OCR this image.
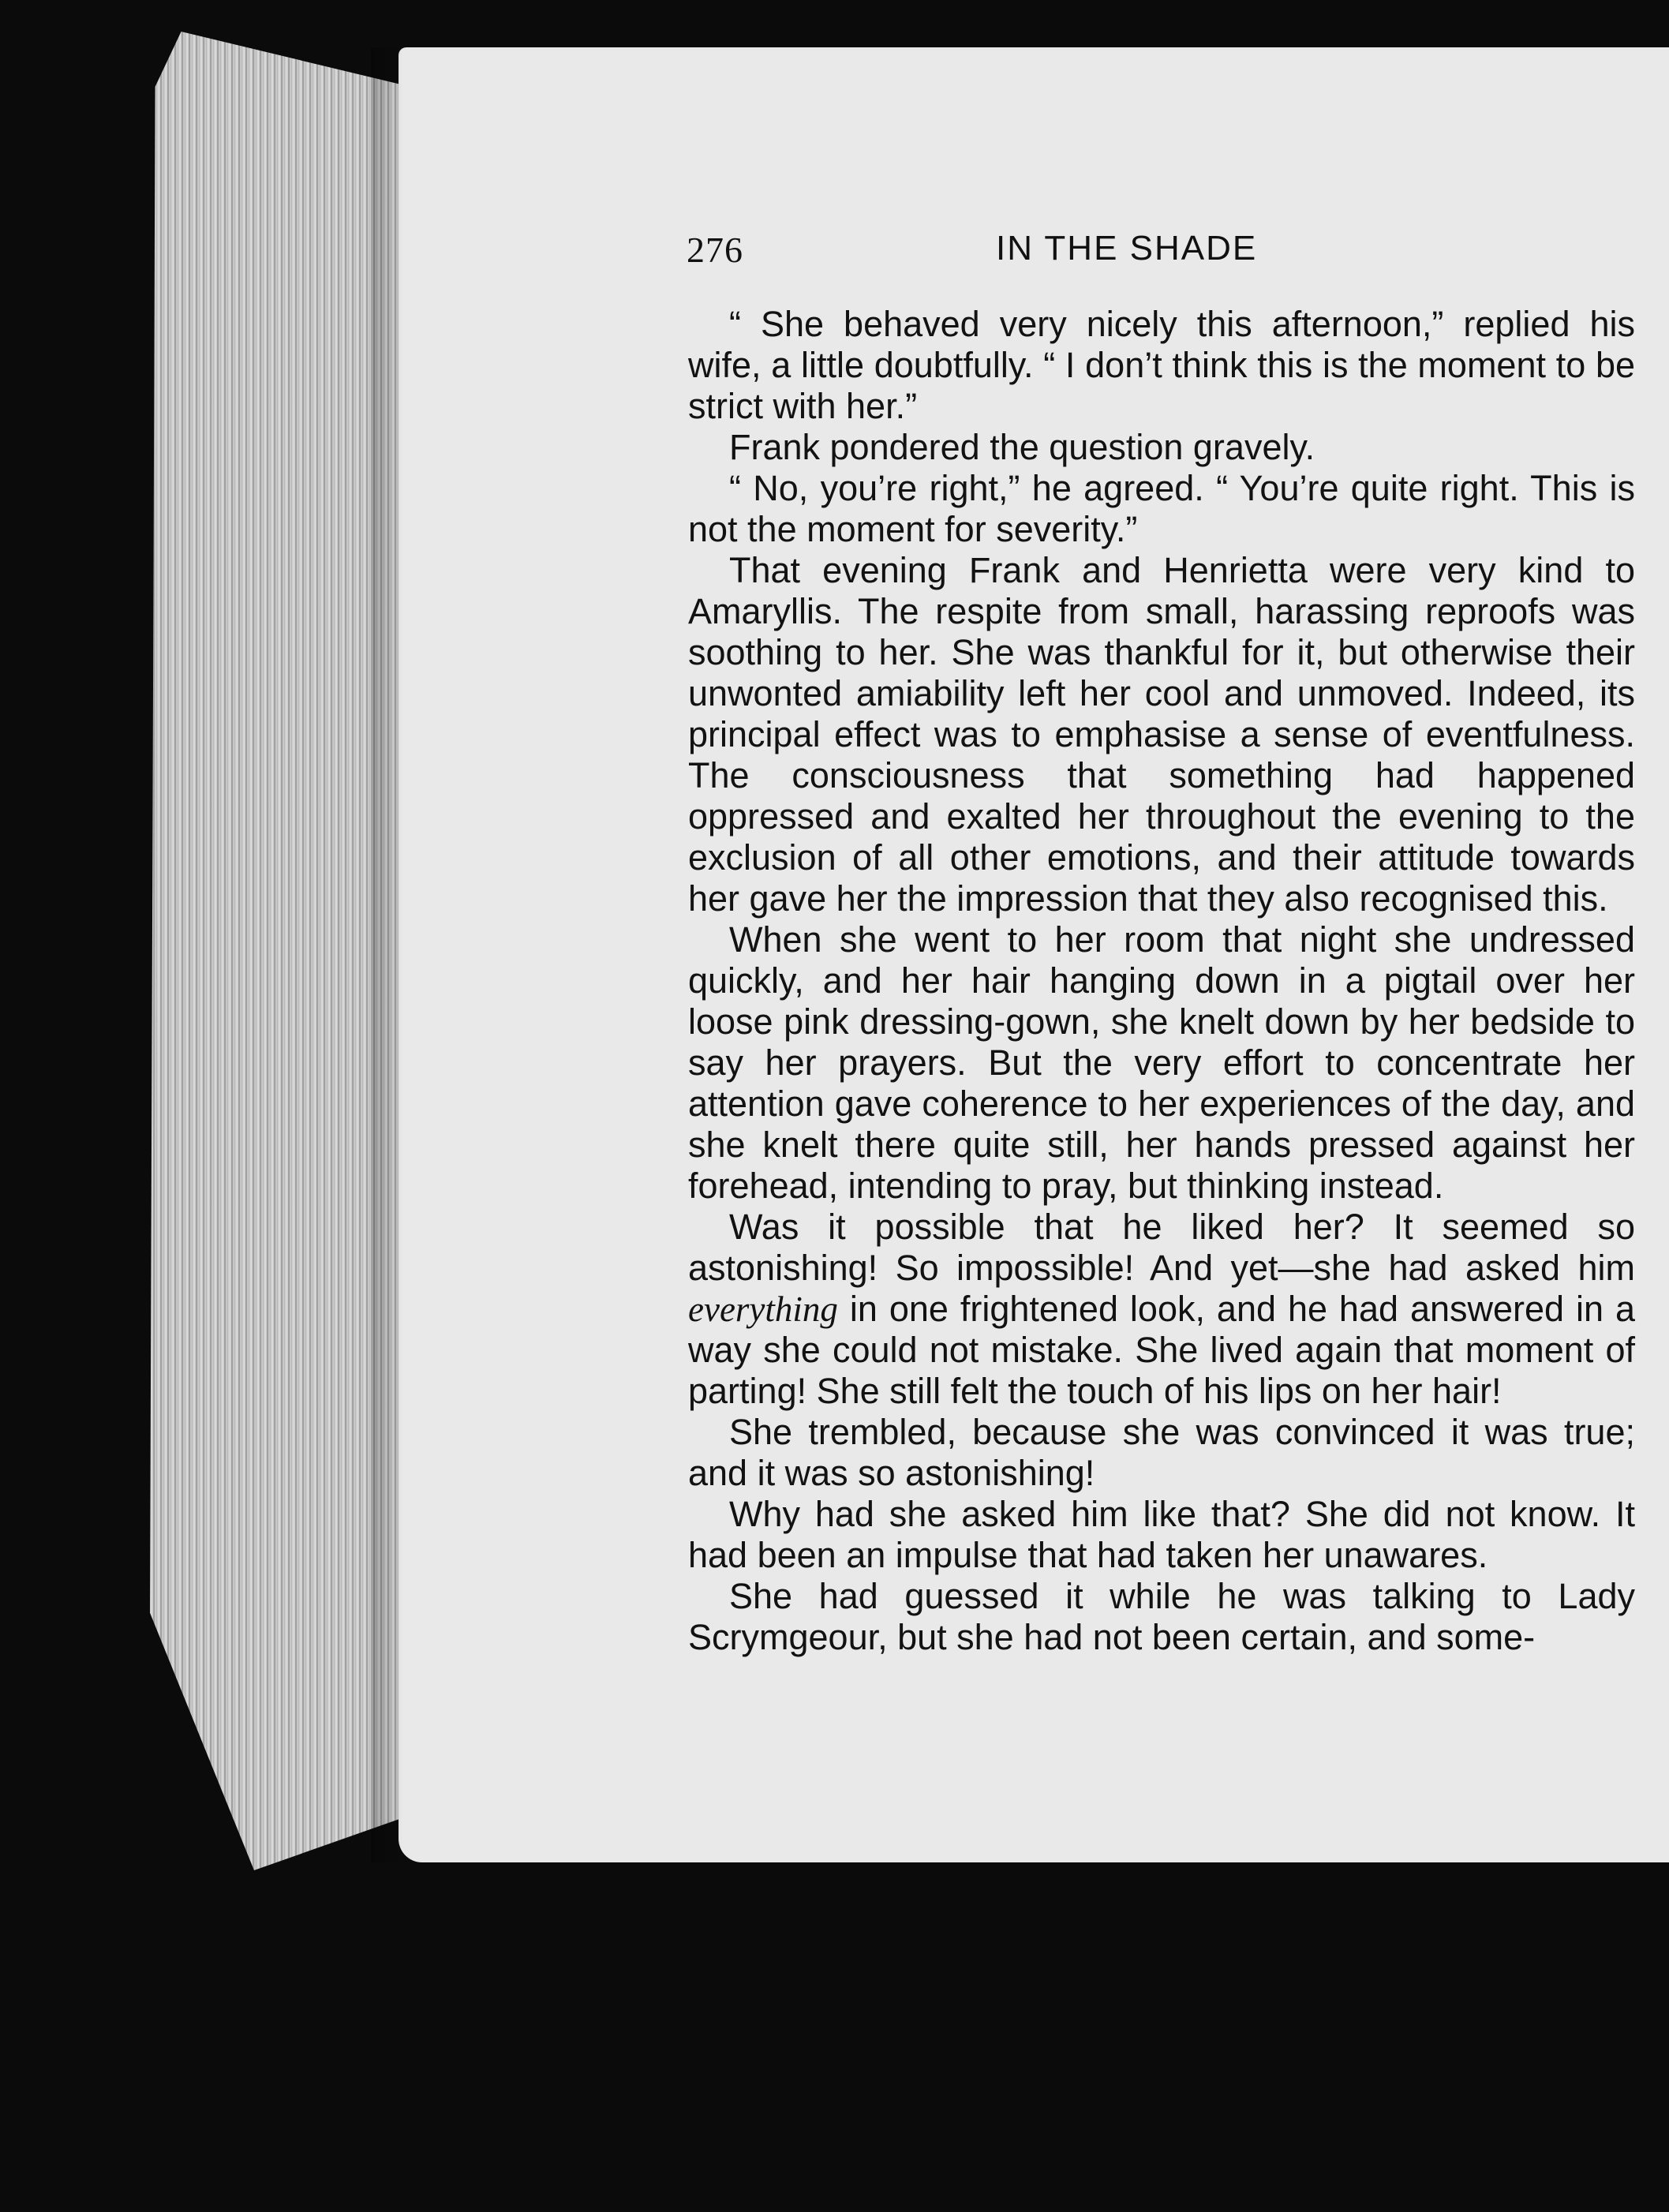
276	IN THE SHADE

“ She behaved very nicely this afternoon,” replied his wife, a little doubtfully. “ I don’t think this is the moment to be strict with her.”

Frank pondered the question gravely.

“ No, you’re right,” he agreed. “ You’re quite right. This is not the moment for severity.”

That evening Frank and Henrietta were very kind to Amaryllis. The respite from small, harassing reproofs was soothing to her. She was thankful for it, but otherwise their unwonted amiability left her cool and unmoved. Indeed, its principal effect was to emphasise a sense of eventfulness. The consciousness that something had happened oppressed and exalted her throughout the evening to the exclusion of all other emotions, and their attitude towards her gave her the impression that they also recognised this.

When she went to her room that night she undressed quickly, and her hair hanging down in a pigtail over her loose pink dressing-gown, she knelt down by her bedside to say her prayers. But the very effort to concentrate her attention gave coherence to her experiences of the day, and she knelt there quite still, her hands pressed against her forehead, intending to pray, but thinking instead.

Was it possible that he liked her? It seemed so astonishing! So impossible! And yet—she had asked him everything in one frightened look, and he had answered in a way she could not mistake. She lived again that moment of parting! She still felt the touch of his lips on her hair!

She trembled, because she was convinced it was true; and it was so astonishing!

Why had she asked him like that? She did not know. It had been an impulse that had taken her unawares.

She had guessed it while he was talking to Lady Scrymgeour, but she had not been certain, and some-
